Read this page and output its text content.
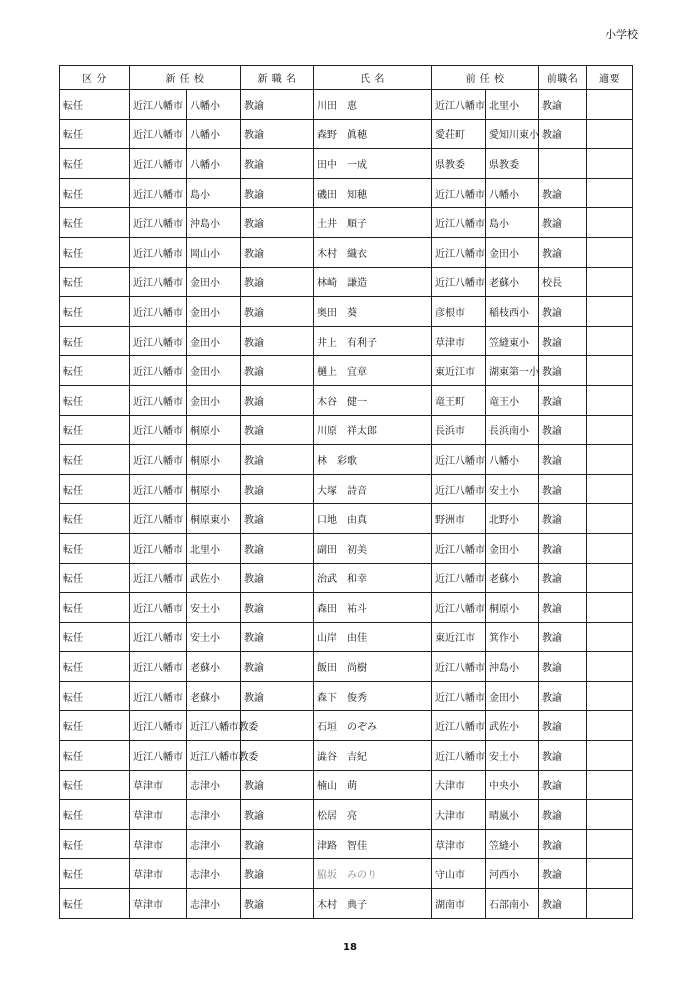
小学校
区 分	新 任 校		新 職 名	氏 名	前 任 校		前職名	適要
転任	近江八幡市	八幡小	教諭	川田　恵	近江八幡市	北里小	教諭	
転任	近江八幡市	八幡小	教諭	森野　眞穂	愛荘町	愛知川東小	教諭	
転任	近江八幡市	八幡小	教諭	田中　一成	県教委	県教委		
転任	近江八幡市	島小	教諭	磯田　知穂	近江八幡市	八幡小	教諭	
転任	近江八幡市	沖島小	教諭	土井　順子	近江八幡市	島小	教諭	
転任	近江八幡市	岡山小	教諭	木村　織衣	近江八幡市	金田小	教諭	
転任	近江八幡市	金田小	教諭	林崎　謙造	近江八幡市	老蘇小	校長	
転任	近江八幡市	金田小	教諭	奥田　葵	彦根市	稲枝西小	教諭	
転任	近江八幡市	金田小	教諭	井上　有利子	草津市	笠縫東小	教諭	
転任	近江八幡市	金田小	教諭	樋上　宜章	東近江市	湖東第一小	教諭	
転任	近江八幡市	金田小	教諭	木谷　健一	竜王町	竜王小	教諭	
転任	近江八幡市	桐原小	教諭	川原　祥太郎	長浜市	長浜南小	教諭	
転任	近江八幡市	桐原小	教諭	林　彩歌	近江八幡市	八幡小	教諭	
転任	近江八幡市	桐原小	教諭	大塚　詩音	近江八幡市	安土小	教諭	
転任	近江八幡市	桐原東小	教諭	口地　由真	野洲市	北野小	教諭	
転任	近江八幡市	北里小	教諭	副田　初美	近江八幡市	金田小	教諭	
転任	近江八幡市	武佐小	教諭	治武　和幸	近江八幡市	老蘇小	教諭	
転任	近江八幡市	安土小	教諭	森田　祐斗	近江八幡市	桐原小	教諭	
転任	近江八幡市	安土小	教諭	山岸　由佳	東近江市	箕作小	教諭	
転任	近江八幡市	老蘇小	教諭	飯田　尚樹	近江八幡市	沖島小	教諭	
転任	近江八幡市	老蘇小	教諭	森下　俊秀	近江八幡市	金田小	教諭	
転任	近江八幡市	近江八幡市教委		石垣　のぞみ	近江八幡市	武佐小	教諭	
転任	近江八幡市	近江八幡市教委		澁谷　吉紀	近江八幡市	安土小	教諭	
転任	草津市	志津小	教諭	楠山　萌	大津市	中央小	教諭	
転任	草津市	志津小	教諭	松居　亮	大津市	晴嵐小	教諭	
転任	草津市	志津小	教諭	津路　智佳	草津市	笠縫小	教諭	
転任	草津市	志津小	教諭	脇坂　みのり	守山市	河西小	教諭	
転任	草津市	志津小	教諭	木村　典子	湖南市	石部南小	教諭	
18
